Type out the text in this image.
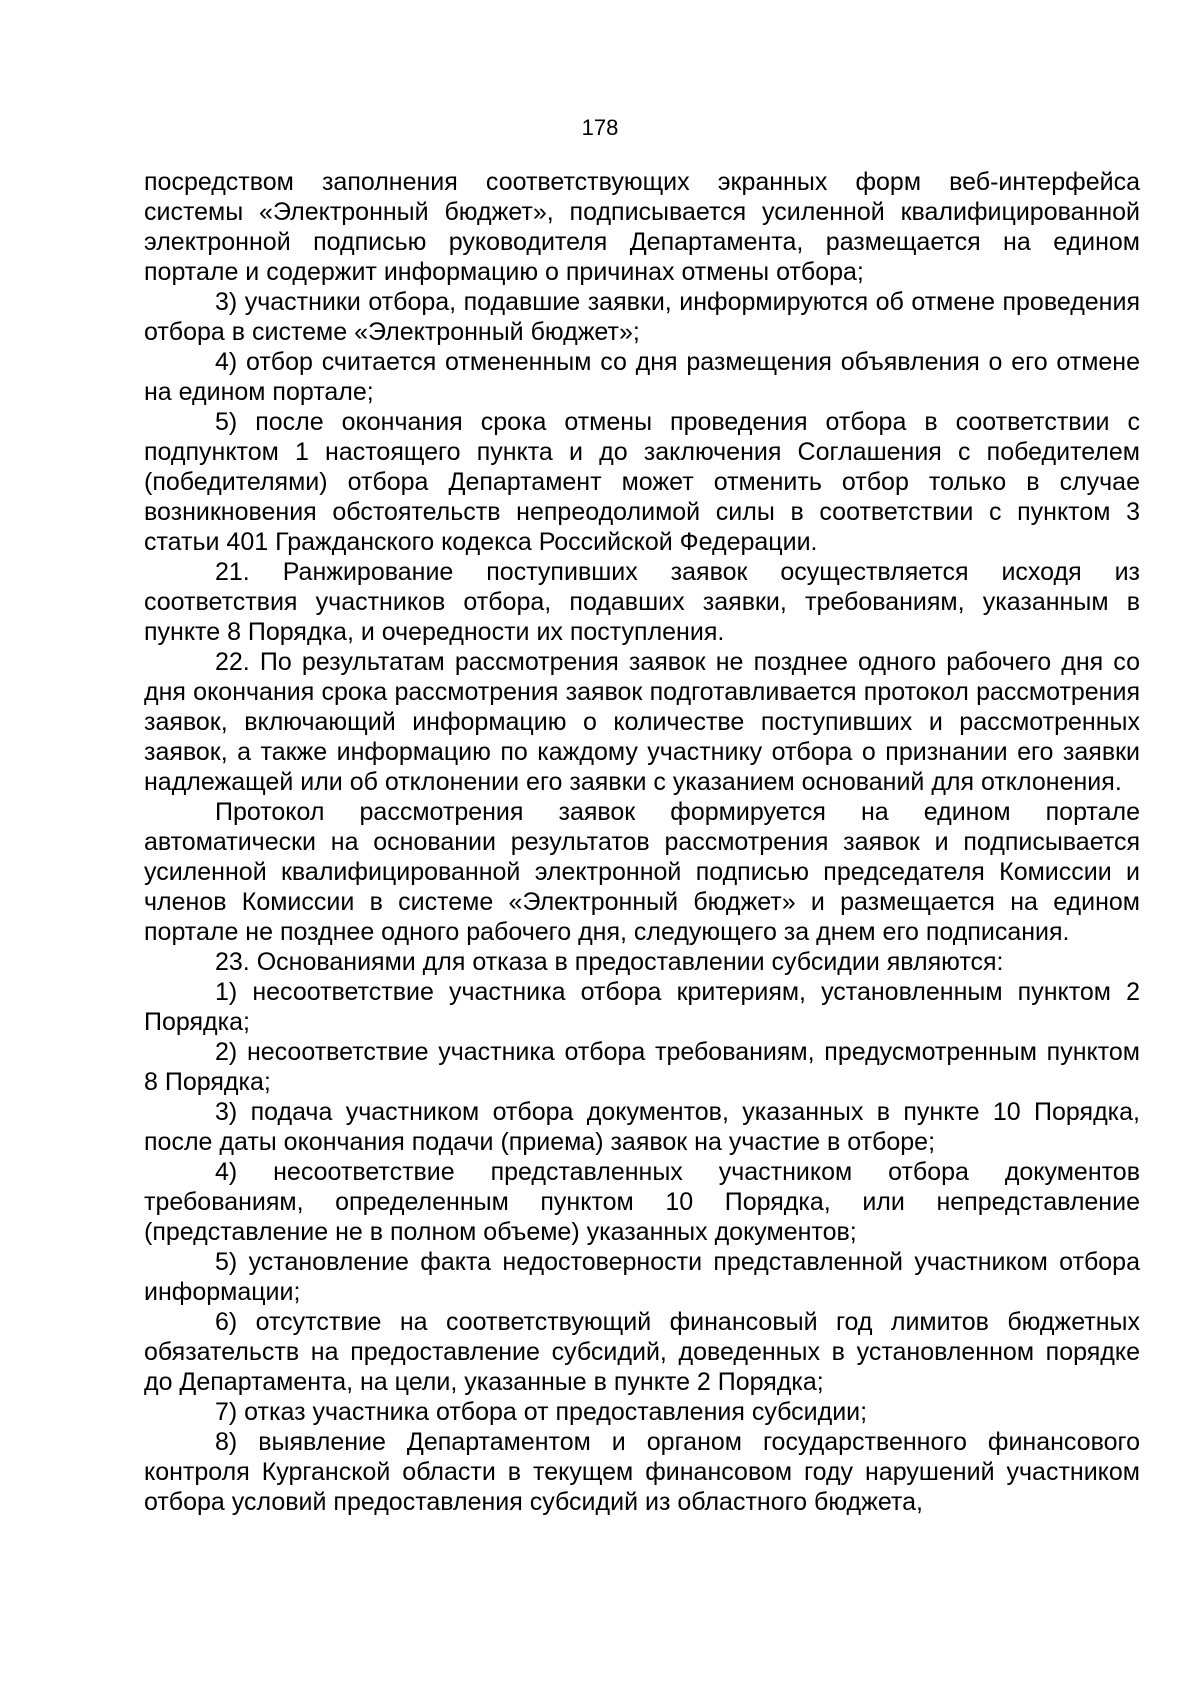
178

посредством заполнения соответствующих экранных форм веб-интерфейса системы «Электронный бюджет», подписывается усиленной квалифицированной электронной подписью руководителя Департамента, размещается на едином портале и содержит информацию о причинах отмены отбора;

3) участники отбора, подавшие заявки, информируются об отмене проведения отбора в системе «Электронный бюджет»;

4) отбор считается отмененным со дня размещения объявления о его отмене на едином портале;

5) после окончания срока отмены проведения отбора в соответствии с подпунктом 1 настоящего пункта и до заключения Соглашения с победителем (победителями) отбора Департамент может отменить отбор только в случае возникновения обстоятельств непреодолимой силы в соответствии с пунктом 3 статьи 401 Гражданского кодекса Российской Федерации.

21. Ранжирование поступивших заявок осуществляется исходя из соответствия участников отбора, подавших заявки, требованиям, указанным в пункте 8 Порядка, и очередности их поступления.

22. По результатам рассмотрения заявок не позднее одного рабочего дня со дня окончания срока рассмотрения заявок подготавливается протокол рассмотрения заявок, включающий информацию о количестве поступивших и рассмотренных заявок, а также информацию по каждому участнику отбора о признании его заявки надлежащей или об отклонении его заявки с указанием оснований для отклонения.

Протокол рассмотрения заявок формируется на едином портале автоматически на основании результатов рассмотрения заявок и подписывается усиленной квалифицированной электронной подписью председателя Комиссии и членов Комиссии в системе «Электронный бюджет» и размещается на едином портале не позднее одного рабочего дня, следующего за днем его подписания.

23. Основаниями для отказа в предоставлении субсидии являются:

1) несоответствие участника отбора критериям, установленным пунктом 2 Порядка;

2) несоответствие участника отбора требованиям, предусмотренным пунктом 8 Порядка;

3) подача участником отбора документов, указанных в пункте 10 Порядка, после даты окончания подачи (приема) заявок на участие в отборе;

4) несоответствие представленных участником отбора документов требованиям, определенным пунктом 10 Порядка, или непредставление (представление не в полном объеме) указанных документов;

5) установление факта недостоверности представленной участником отбора информации;

6) отсутствие на соответствующий финансовый год лимитов бюджетных обязательств на предоставление субсидий, доведенных в установленном порядке до Департамента, на цели, указанные в пункте 2 Порядка;

7) отказ участника отбора от предоставления субсидии;

8) выявление Департаментом и органом государственного финансового контроля Курганской области в текущем финансовом году нарушений участником отбора условий предоставления субсидий из областного бюджета,
